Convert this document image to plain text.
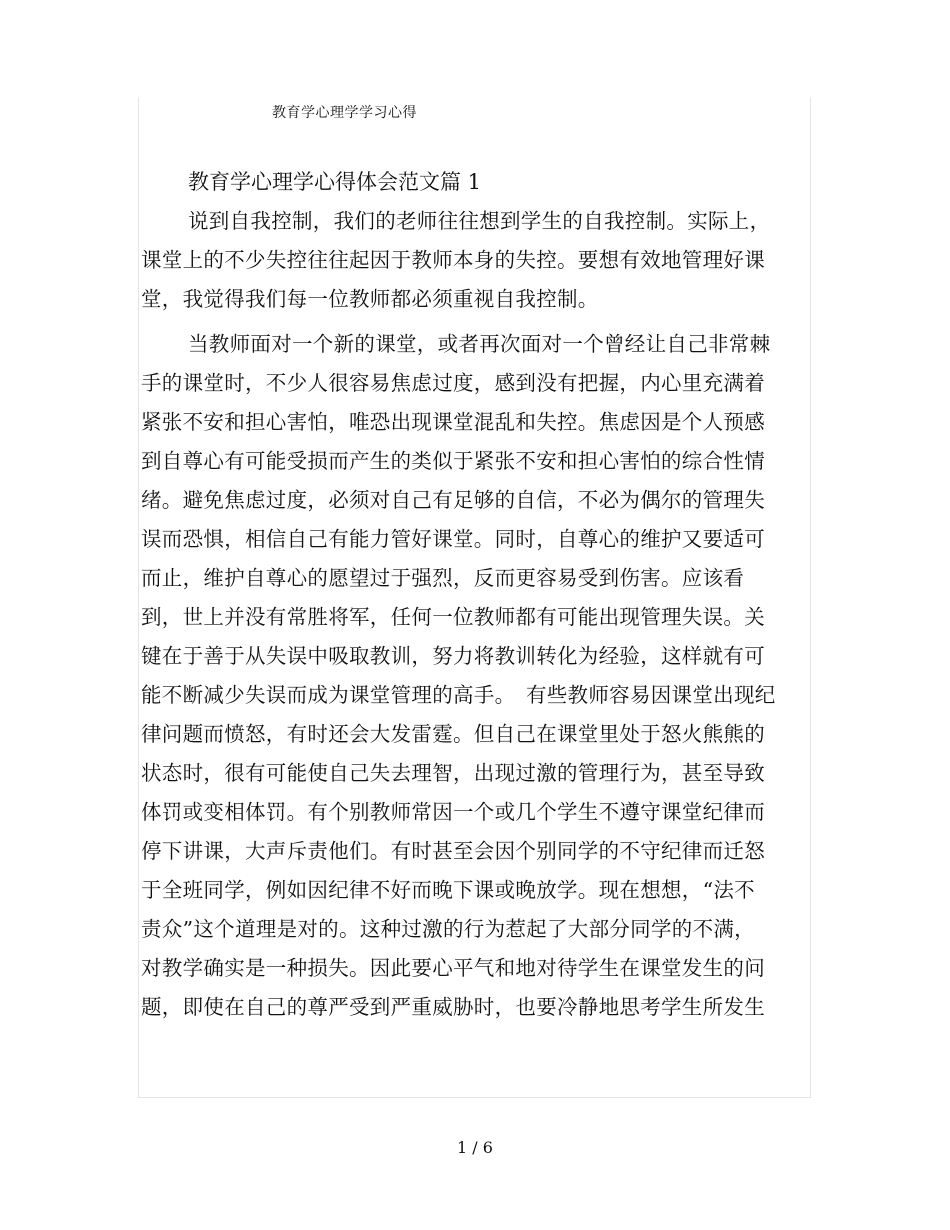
教育学心理学学习心得
教育学心理学心得体会范文篇 1
说到自我控制，我们的老师往往想到学生的自我控制。实际上，
课堂上的不少失控往往起因于教师本身的失控。要想有效地管理好课
堂，我觉得我们每一位教师都必须重视自我控制。
当教师面对一个新的课堂，或者再次面对一个曾经让自己非常棘
手的课堂时，不少人很容易焦虑过度，感到没有把握，内心里充满着
紧张不安和担心害怕，唯恐出现课堂混乱和失控。焦虑因是个人预感
到自尊心有可能受损而产生的类似于紧张不安和担心害怕的综合性情
绪。避免焦虑过度，必须对自己有足够的自信，不必为偶尔的管理失
误而恐惧，相信自己有能力管好课堂。同时，自尊心的维护又要适可
而止，维护自尊心的愿望过于强烈，反而更容易受到伤害。应该看
到，世上并没有常胜将军，任何一位教师都有可能出现管理失误。关
键在于善于从失误中吸取教训，努力将教训转化为经验，这样就有可
能不断减少失误而成为课堂管理的高手。　有些教师容易因课堂出现纪
律问题而愤怒，有时还会大发雷霆。但自己在课堂里处于怒火熊熊的
状态时，很有可能使自己失去理智，出现过激的管理行为，甚至导致
体罚或变相体罚。有个别教师常因一个或几个学生不遵守课堂纪律而
停下讲课，大声斥责他们。有时甚至会因个别同学的不守纪律而迁怒
于全班同学，例如因纪律不好而晚下课或晚放学。现在想想，“法不
责众”这个道理是对的。这种过激的行为惹起了大部分同学的不满，
对教学确实是一种损失。因此要心平气和地对待学生在课堂发生的问
题，即使在自己的尊严受到严重威胁时，也要冷静地思考学生所发生
1 / 6
